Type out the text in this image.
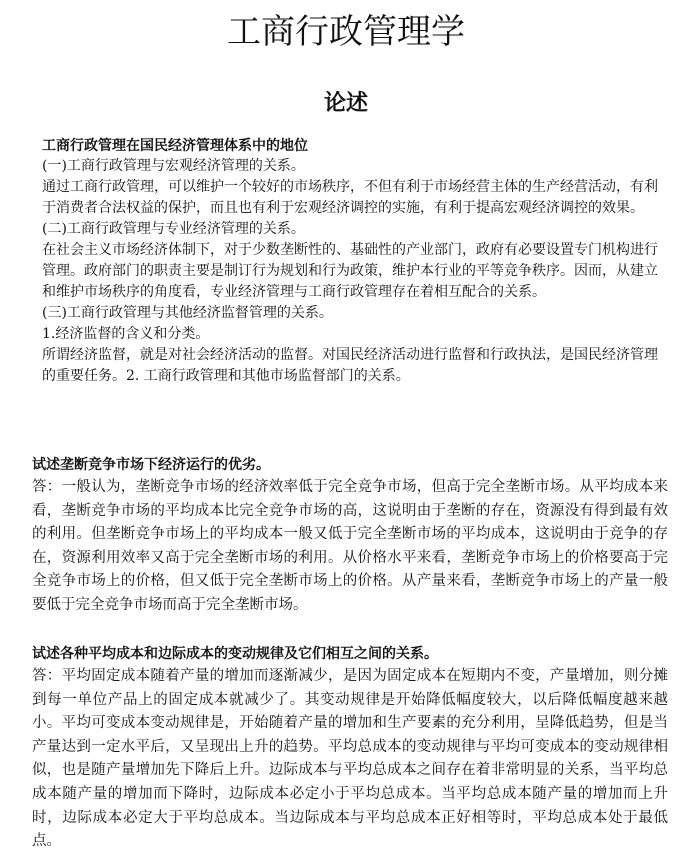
工商行政管理学
论述
工商行政管理在国民经济管理体系中的地位

(一)工商行政管理与宏观经济管理的关系。

通过工商行政管理，可以维护一个较好的市场秩序，不但有利于市场经营主体的生产经营活动，有利于消费者合法权益的保护，而且也有利于宏观经济调控的实施，有利于提高宏观经济调控的效果。

(二)工商行政管理与专业经济管理的关系。

在社会主义市场经济体制下，对于少数垄断性的、基础性的产业部门，政府有必要设置专门机构进行管理。政府部门的职责主要是制订行为规划和行为政策，维护本行业的平等竞争秩序。因而，从建立和维护市场秩序的角度看，专业经济管理与工商行政管理存在着相互配合的关系。

(三)工商行政管理与其他经济监督管理的关系。

1.经济监督的含义和分类。

所谓经济监督，就是对社会经济活动的监督。对国民经济活动进行监督和行政执法，是国民经济管理的重要任务。2. 工商行政管理和其他市场监督部门的关系。

试述垄断竞争市场下经济运行的优劣。

答：一般认为，垄断竞争市场的经济效率低于完全竞争市场，但高于完全垄断市场。从平均成本来看，垄断竞争市场的平均成本比完全竞争市场的高，这说明由于垄断的存在，资源没有得到最有效的利用。但垄断竞争市场上的平均成本一般又低于完全垄断市场的平均成本，这说明由于竞争的存在，资源利用效率又高于完全垄断市场的利用。从价格水平来看，垄断竞争市场上的价格要高于完全竞争市场上的价格，但又低于完全垄断市场上的价格。从产量来看，垄断竞争市场上的产量一般要低于完全竞争市场而高于完全垄断市场。

试述各种平均成本和边际成本的变动规律及它们相互之间的关系。

答：平均固定成本随着产量的增加而逐渐减少，是因为固定成本在短期内不变，产量增加，则分摊到每一单位产品上的固定成本就减少了。其变动规律是开始降低幅度较大，以后降低幅度越来越小。平均可变成本变动规律是，开始随着产量的增加和生产要素的充分利用，呈降低趋势，但是当产量达到一定水平后，又呈现出上升的趋势。平均总成本的变动规律与平均可变成本的变动规律相似，也是随产量增加先下降后上升。边际成本与平均总成本之间存在着非常明显的关系，当平均总成本随产量的增加而下降时，边际成本必定小于平均总成本。当平均总成本随产量的增加而上升时，边际成本必定大于平均总成本。当边际成本与平均总成本正好相等时，平均总成本处于最低点。
